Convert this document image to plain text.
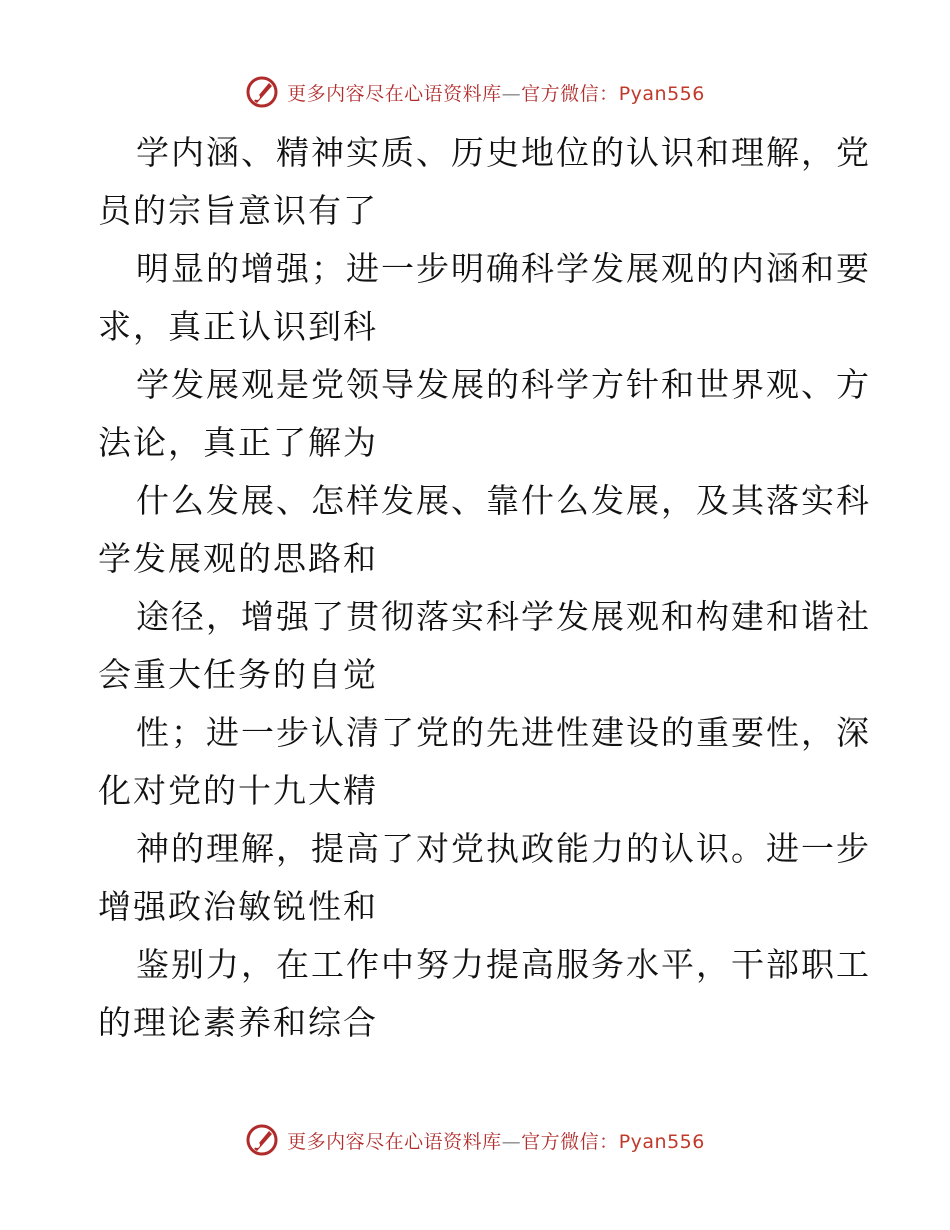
更多内容尽在心语资料库—官方微信：Pyan556
学内涵、精神实质、历史地位的认识和理解，党
员的宗旨意识有了
明显的增强；进一步明确科学发展观的内涵和要
求，真正认识到科
学发展观是党领导发展的科学方针和世界观、方
法论，真正了解为
什么发展、怎样发展、靠什么发展，及其落实科
学发展观的思路和
途径，增强了贯彻落实科学发展观和构建和谐社
会重大任务的自觉
性；进一步认清了党的先进性建设的重要性，深
化对党的十九大精
神的理解，提高了对党执政能力的认识。进一步
增强政治敏锐性和
鉴别力，在工作中努力提高服务水平，干部职工
的理论素养和综合
更多内容尽在心语资料库—官方微信：Pyan556
